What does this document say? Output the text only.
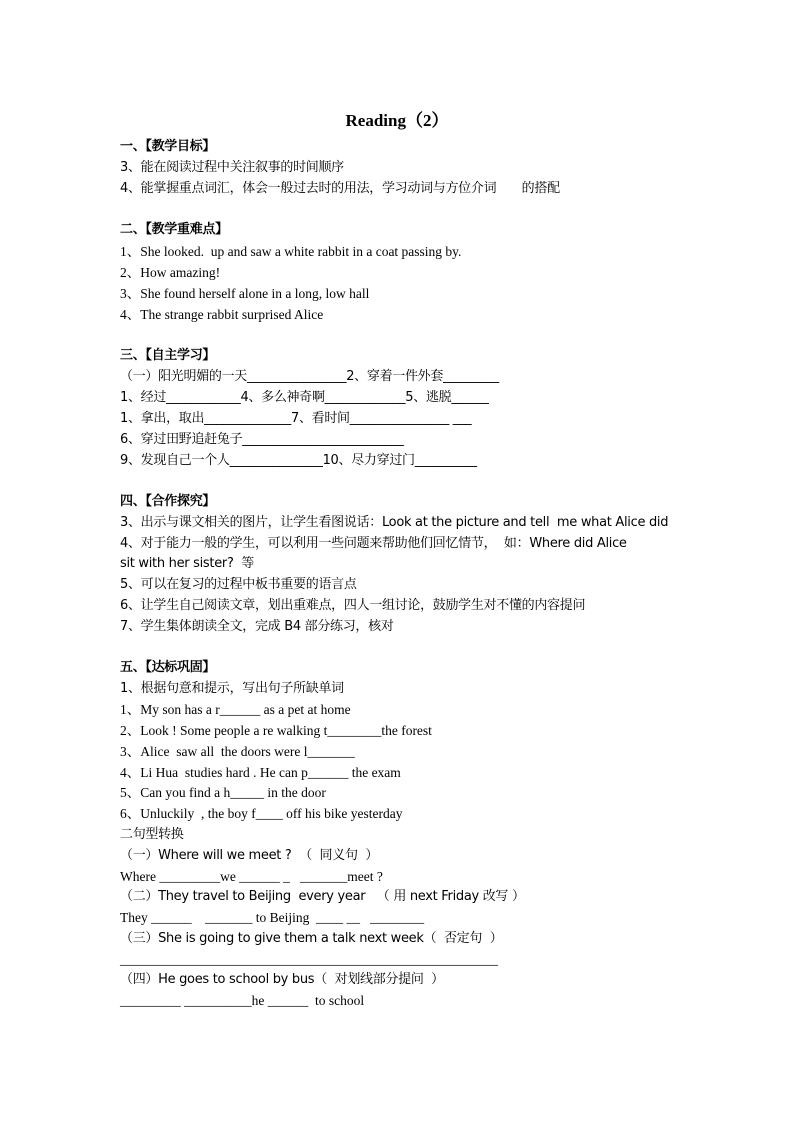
Reading（2）
一、【教学目标】
3、能在阅读过程中关注叙事的时间顺序
4、能掌握重点词汇，体会一般过去时的用法，学习动词与方位介词　　的搭配
二、【教学重难点】
1、She looked.  up and saw a white rabbit in a coat passing by.
2、How amazing!
3、She found herself alone in a long, low hall
4、The strange rabbit surprised Alice
三、【自主学习】
（一）阳光明媚的一天________________2、穿着一件外套_________
1、经过____________4、多么神奇啊_____________5、逃脱______
1、拿出，取出______________7、看时间________________ ___
6、穿过田野追赶兔子__________________________
9、发现自己一个人_______________10、尽力穿过门__________
四、【合作探究】
3、出示与课文相关的图片，让学生看图说话：Look at the picture and tell  me what Alice did
4、对于能力一般的学生，可以利用一些问题来帮助他们回忆情节，  如：Where did Alice
sit with her sister?  等
5、可以在复习的过程中板书重要的语言点
6、让学生自己阅读文章，划出重难点，四人一组讨论，鼓励学生对不懂的内容提问
7、学生集体朗读全文，完成 B4 部分练习，核对
五、【达标巩固】
1、根据句意和提示，写出句子所缺单词
1、My son has a r______ as a pet at home
2、Look ! Some people a re walking t________the forest
3、Alice  saw all  the doors were l_______
4、Li Hua  studies hard . He can p______ the exam
5、Can you find a h_____ in the door
6、Unluckily  , the boy f____ off his bike yesterday
二句型转换
（一）Where will we meet ?  （  同义句  ）
Where _________we ______ _   _______meet ?
（二）They travel to Beijing  every year   （ 用 next Friday 改写 ）
They ______    _______ to Beijing  ____ __   ________
（三）She is going to give them a talk next week（  否定句  ）
________________________________________________________
（四）He goes to school by bus（  对划线部分提问  ）
_________ __________he ______  to school
